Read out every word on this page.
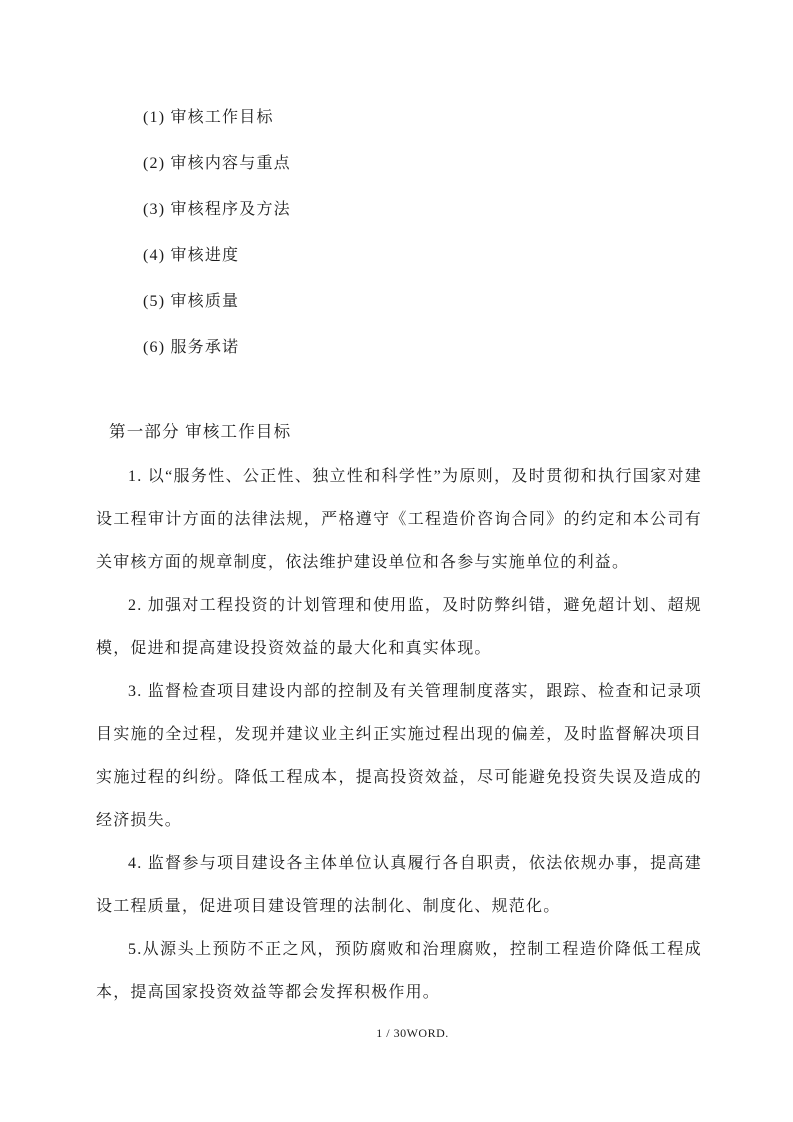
(1) 审核工作目标
(2) 审核内容与重点
(3) 审核程序及方法
(4) 审核进度
(5) 审核质量
(6) 服务承诺
第一部分 审核工作目标

1. 以“服务性、公正性、独立性和科学性”为原则，及时贯彻和执行国家对建设工程审计方面的法律法规，严格遵守《工程造价咨询合同》的约定和本公司有关审核方面的规章制度，依法维护建设单位和各参与实施单位的利益。

2. 加强对工程投资的计划管理和使用监，及时防弊纠错，避免超计划、超规模，促进和提高建设投资效益的最大化和真实体现。

3. 监督检查项目建设内部的控制及有关管理制度落实，跟踪、检查和记录项目实施的全过程，发现并建议业主纠正实施过程出现的偏差，及时监督解决项目实施过程的纠纷。降低工程成本，提高投资效益，尽可能避免投资失误及造成的经济损失。

4. 监督参与项目建设各主体单位认真履行各自职责，依法依规办事，提高建设工程质量，促进项目建设管理的法制化、制度化、规范化。

5.从源头上预防不正之风，预防腐败和治理腐败，控制工程造价降低工程成本，提高国家投资效益等都会发挥积极作用。

1 / 30WORD.
